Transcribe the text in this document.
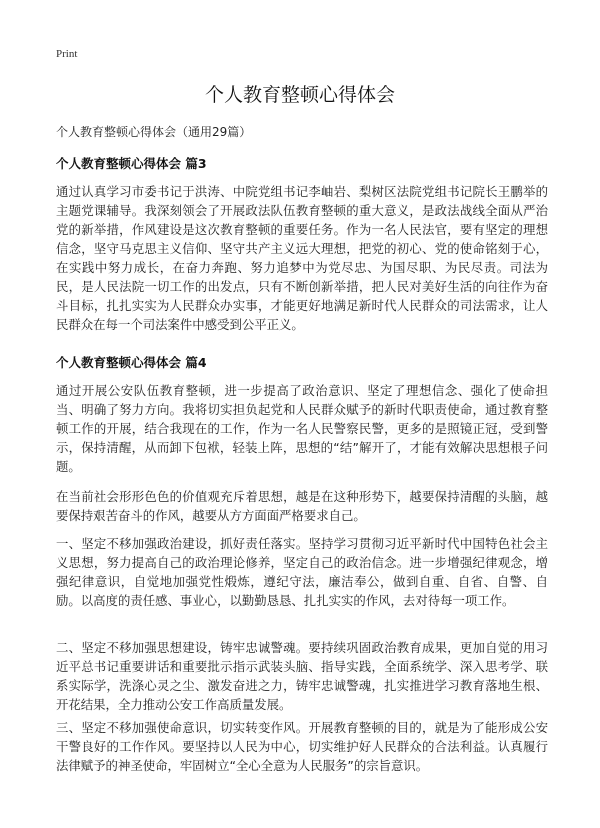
Print
个人教育整顿心得体会

个人教育整顿心得体会（通用29篇）

个人教育整顿心得体会 篇3

通过认真学习市委书记于洪涛、中院党组书记李岫岩、梨树区法院党组书记院长王鹏举的主题党课辅导。我深刻领会了开展政法队伍教育整顿的重大意义，是政法战线全面从严治党的新举措，作风建设是这次教育整顿的重要任务。作为一名人民法官，要有坚定的理想信念，坚守马克思主义信仰、坚守共产主义远大理想，把党的初心、党的使命铭刻于心，在实践中努力成长，在奋力奔跑、努力追梦中为党尽忠、为国尽职、为民尽责。司法为民，是人民法院一切工作的出发点，只有不断创新举措，把人民对美好生活的向往作为奋斗目标，扎扎实实为人民群众办实事，才能更好地满足新时代人民群众的司法需求，让人民群众在每一个司法案件中感受到公平正义。

个人教育整顿心得体会 篇4

通过开展公安队伍教育整顿，进一步提高了政治意识、坚定了理想信念、强化了使命担当、明确了努力方向。我将切实担负起党和人民群众赋予的新时代职责使命，通过教育整顿工作的开展，结合我现在的工作，作为一名人民警察民警，更多的是照镜正冠，受到警示，保持清醒，从而卸下包袱，轻装上阵，思想的“结”解开了，才能有效解决思想根子问题。

在当前社会形形色色的价值观充斥着思想，越是在这种形势下，越要保持清醒的头脑，越要保持艰苦奋斗的作风，越要从方方面面严格要求自己。

一、坚定不移加强政治建设，抓好责任落实。坚持学习贯彻习近平新时代中国特色社会主义思想，努力提高自己的政治理论修养，坚定自己的政治信念。进一步增强纪律观念，增强纪律意识，自觉地加强党性煅炼，遵纪守法，廉洁奉公，做到自重、自省、自警、自励。以高度的责任感、事业心，以勤勤恳恳、扎扎实实的作风，去对待每一项工作。

二、坚定不移加强思想建设，铸牢忠诚警魂。要持续巩固政治教育成果，更加自觉的用习近平总书记重要讲话和重要批示指示武装头脑、指导实践，全面系统学、深入思考学、联系实际学，洗涤心灵之尘、激发奋进之力，铸牢忠诚警魂，扎实推进学习教育落地生根、开花结果，全力推动公安工作高质量发展。

三、坚定不移加强使命意识，切实转变作风。开展教育整顿的目的，就是为了能形成公安干警良好的工作作风。要坚持以人民为中心，切实维护好人民群众的合法利益。认真履行法律赋予的神圣使命，牢固树立“全心全意为人民服务”的宗旨意识。
